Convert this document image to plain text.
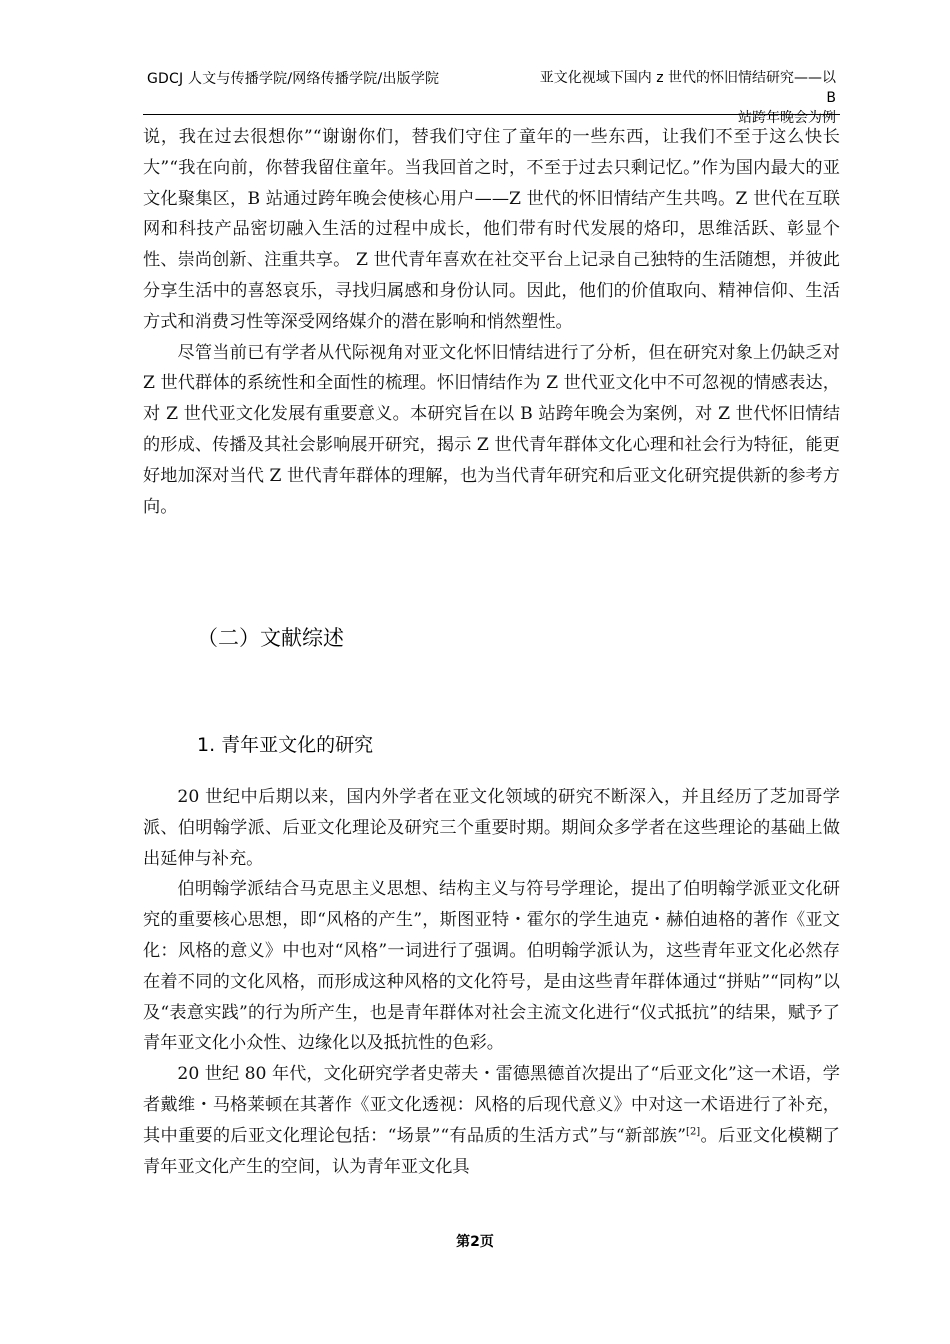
GDCJ 人文与传播学院/网络传播学院/出版学院	亚文化视域下国内 z 世代的怀旧情结研究——以 B
站跨年晚会为例

说，我在过去很想你”“谢谢你们，替我们守住了童年的一些东西，让我们不至于这么快长大”“我在向前，你替我留住童年。当我回首之时，不至于过去只剩记忆。”作为国内最大的亚文化聚集区，B 站通过跨年晚会使核心用户——Z 世代的怀旧情结产生共鸣。Z 世代在互联网和科技产品密切融入生活的过程中成长，他们带有时代发展的烙印，思维活跃、彰显个性、崇尚创新、注重共享。 Z 世代青年喜欢在社交平台上记录自己独特的生活随想，并彼此分享生活中的喜怒哀乐，寻找归属感和身份认同。因此，他们的价值取向、精神信仰、生活方式和消费习性等深受网络媒介的潜在影响和悄然塑性。

尽管当前已有学者从代际视角对亚文化怀旧情结进行了分析，但在研究对象上仍缺乏对 Z 世代群体的系统性和全面性的梳理。怀旧情结作为 Z 世代亚文化中不可忽视的情感表达，对 Z 世代亚文化发展有重要意义。本研究旨在以 B 站跨年晚会为案例，对 Z 世代怀旧情结的形成、传播及其社会影响展开研究，揭示 Z 世代青年群体文化心理和社会行为特征，能更好地加深对当代 Z 世代青年群体的理解，也为当代青年研究和后亚文化研究提供新的参考方向。

（二）文献综述
1. 青年亚文化的研究

20 世纪中后期以来，国内外学者在亚文化领域的研究不断深入，并且经历了芝加哥学派、伯明翰学派、后亚文化理论及研究三个重要时期。期间众多学者在这些理论的基础上做出延伸与补充。

伯明翰学派结合马克思主义思想、结构主义与符号学理论，提出了伯明翰学派亚文化研究的重要核心思想，即“风格的产生”，斯图亚特・霍尔的学生迪克・赫伯迪格的著作《亚文化：风格的意义》中也对“风格”一词进行了强调。伯明翰学派认为，这些青年亚文化必然存在着不同的文化风格，而形成这种风格的文化符号，是由这些青年群体通过“拼贴”“同构”以及“表意实践”的行为所产生，也是青年群体对社会主流文化进行“仪式抵抗”的结果，赋予了青年亚文化小众性、边缘化以及抵抗性的色彩。

20 世纪 80 年代，文化研究学者史蒂夫・雷德黑德首次提出了“后亚文化”这一术语，学者戴维・马格莱顿在其著作《亚文化透视：风格的后现代意义》中对这一术语进行了补充，其中重要的后亚文化理论包括：“场景”“有品质的生活方式”与“新部族”[2]。后亚文化模糊了青年亚文化产生的空间，认为青年亚文化具

第2页
